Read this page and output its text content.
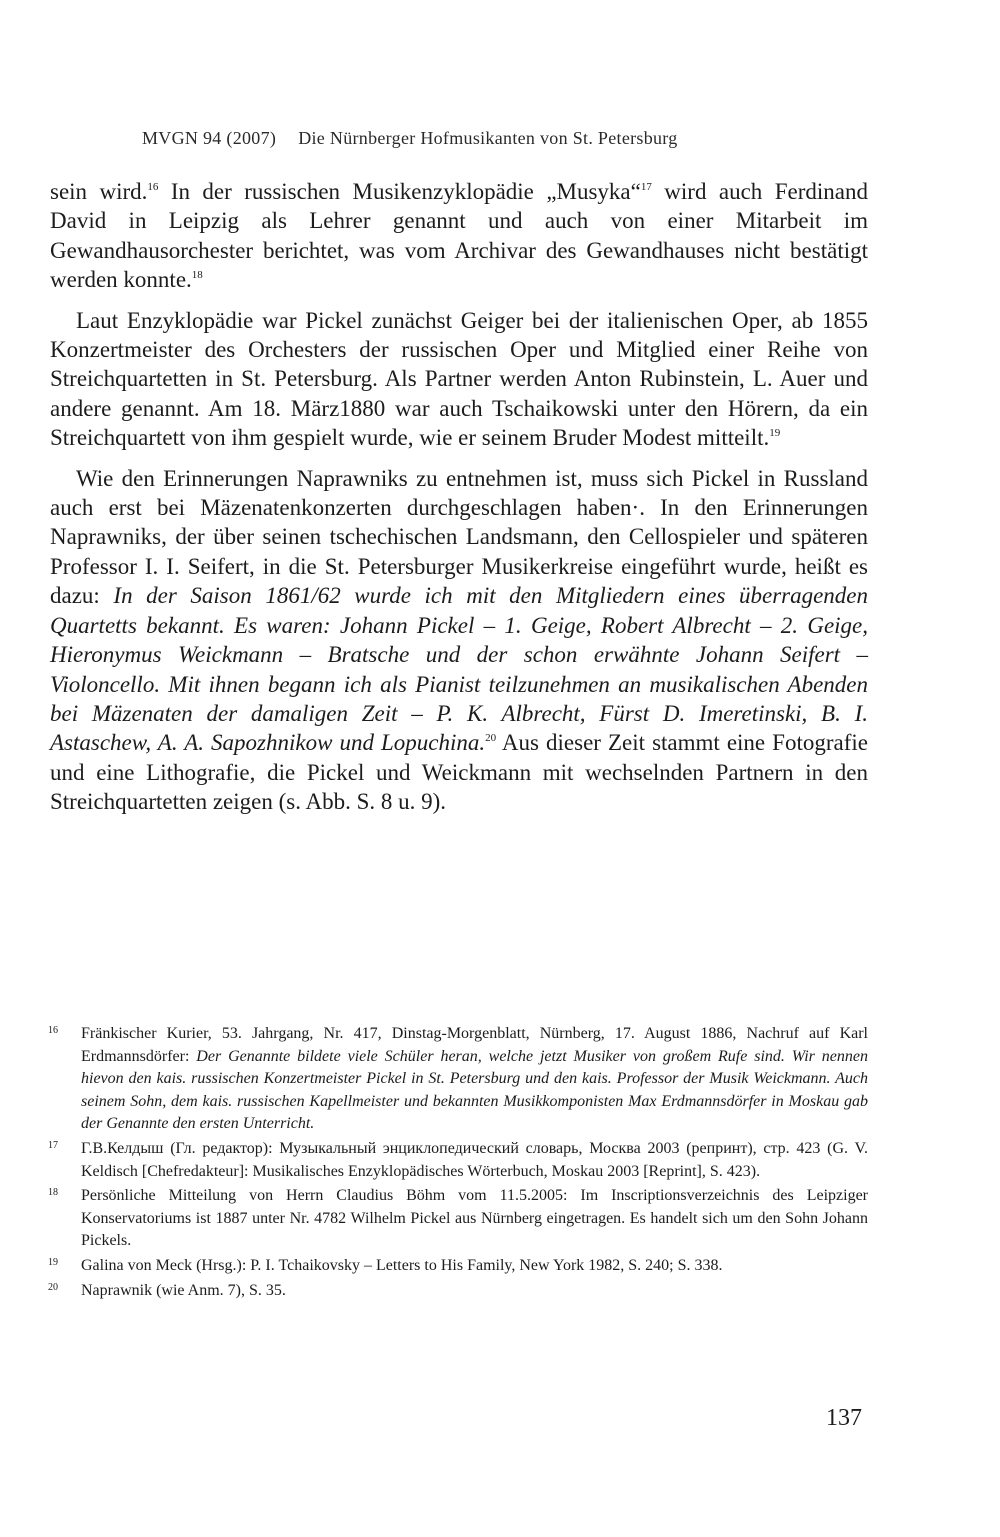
MVGN 94 (2007) Die Nürnberger Hofmusikanten von St. Petersburg

sein wird.$^{16}$ In der russischen Musikenzyklopädie „Musyka“$^{17}$ wird auch Ferdinand David in Leipzig als Lehrer genannt und auch von einer Mitarbeit im Gewandhausorchester berichtet, was vom Archivar des Gewandhauses nicht bestätigt werden konnte.$^{18}$

Laut Enzyklopädie war Pickel zunächst Geiger bei der italienischen Oper, ab 1855 Konzertmeister des Orchesters der russischen Oper und Mitglied einer Reihe von Streichquartetten in St. Petersburg. Als Partner werden Anton Rubinstein, L. Auer und andere genannt. Am 18. März1880 war auch Tschaikowski unter den Hörern, da ein Streichquartett von ihm gespielt wurde, wie er seinem Bruder Modest mitteilt.$^{19}$

Wie den Erinnerungen Naprawniks zu entnehmen ist, muss sich Pickel in Russland auch erst bei Mäzenatenkonzerten durchgeschlagen haben·. In den Erinnerungen Naprawniks, der über seinen tschechischen Landsmann, den Cellospieler und späteren Professor I. I. Seifert, in die St. Petersburger Musikerkreise eingeführt wurde, heißt es dazu: In der Saison 1861/62 wurde ich mit den Mitgliedern eines überragenden Quartetts bekannt. Es waren: Johann Pickel – 1. Geige, Robert Albrecht – 2. Geige, Hieronymus Weickmann – Bratsche und der schon erwähnte Johann Seifert – Violoncello. Mit ihnen begann ich als Pianist teilzunehmen an musikalischen Abenden bei Mäzenaten der damaligen Zeit – P. K. Albrecht, Fürst D. Imeretinski, B. I. Astaschew, A. A. Sapozhnikow und Lopuchina.$^{20}$ Aus dieser Zeit stammt eine Fotografie und eine Lithografie, die Pickel und Weickmann mit wechselnden Partnern in den Streichquartetten zeigen (s. Abb. S. 8 u. 9).

16	Fränkischer Kurier, 53. Jahrgang, Nr. 417, Dinstag-Morgenblatt, Nürnberg, 17. August 1886, Nachruf auf Karl Erdmannsdörfer: Der Genannte bildete viele Schüler heran, welche jetzt Musiker von großem Rufe sind. Wir nennen hievon den kais. russischen Konzertmeister Pickel in St. Petersburg und den kais. Professor der Musik Weickmann. Auch seinem Sohn, dem kais. russischen Kapellmeister und bekannten Musikkomponisten Max Erdmannsdörfer in Moskau gab der Genannte den ersten Unterricht.
17	Г.В.Келдыш (Гл. редактор): Музыкальный энциклопедический словарь, Москва 2003 (репринт), стр. 423 (G. V. Keldisch [Chefredakteur]: Musikalisches Enzyklopädisches Wörterbuch, Moskau 2003 [Reprint], S. 423).
18	Persönliche Mitteilung von Herrn Claudius Böhm vom 11.5.2005: Im Inscriptionsverzeichnis des Leipziger Konservatoriums ist 1887 unter Nr. 4782 Wilhelm Pickel aus Nürnberg eingetragen. Es handelt sich um den Sohn Johann Pickels.
19	Galina von Meck (Hrsg.): P. I. Tchaikovsky – Letters to His Family, New York 1982, S. 240; S. 338.
20	Naprawnik (wie Anm. 7), S. 35.
137
